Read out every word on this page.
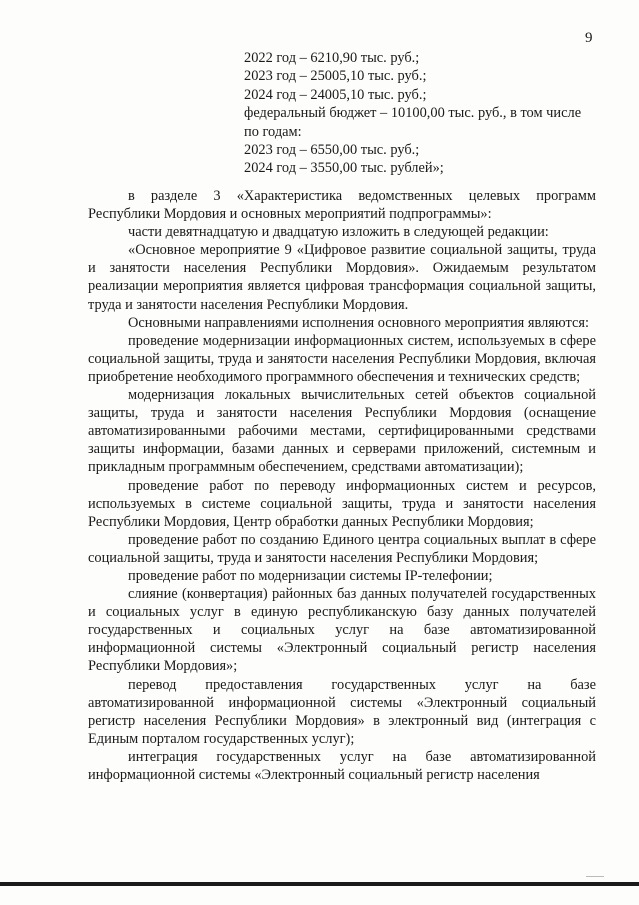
9
2022 год – 6210,90 тыс. руб.;
2023 год – 25005,10 тыс. руб.;
2024 год – 24005,10 тыс. руб.;
федеральный бюджет – 10100,00 тыс. руб., в том числе
по годам:
2023 год – 6550,00 тыс. руб.;
2024 год – 3550,00 тыс. рублей»;

в разделе 3 «Характеристика ведомственных целевых программ Республики Мордовия и основных мероприятий подпрограммы»:

части девятнадцатую и двадцатую изложить в следующей редакции:

«Основное мероприятие 9 «Цифровое развитие социальной защиты, труда и занятости населения Республики Мордовия». Ожидаемым результатом реализации мероприятия является цифровая трансформация социальной защиты, труда и занятости населения Республики Мордовия.

Основными направлениями исполнения основного мероприятия являются:

проведение модернизации информационных систем, используемых в сфере социальной защиты, труда и занятости населения Республики Мордовия, включая приобретение необходимого программного обеспечения и технических средств;

модернизация локальных вычислительных сетей объектов социальной защиты, труда и занятости населения Республики Мордовия (оснащение автоматизированными рабочими местами, сертифицированными средствами защиты информации, базами данных и серверами приложений, системным и прикладным программным обеспечением, средствами автоматизации);

проведение работ по переводу информационных систем и ресурсов, используемых в системе социальной защиты, труда и занятости населения Республики Мордовия, Центр обработки данных Республики Мордовия;

проведение работ по созданию Единого центра социальных выплат в сфере социальной защиты, труда и занятости населения Республики Мордовия;

проведение работ по модернизации системы IP-телефонии;

слияние (конвертация) районных баз данных получателей государственных и социальных услуг в единую республиканскую базу данных получателей государственных и социальных услуг на базе автоматизированной информационной системы «Электронный социальный регистр населения Республики Мордовия»;

перевод предоставления государственных услуг на базе автоматизированной информационной системы «Электронный социальный регистр населения Республики Мордовия» в электронный вид (интеграция с Единым порталом государственных услуг);

интеграция государственных услуг на базе автоматизированной информационной системы «Электронный социальный регистр населения
